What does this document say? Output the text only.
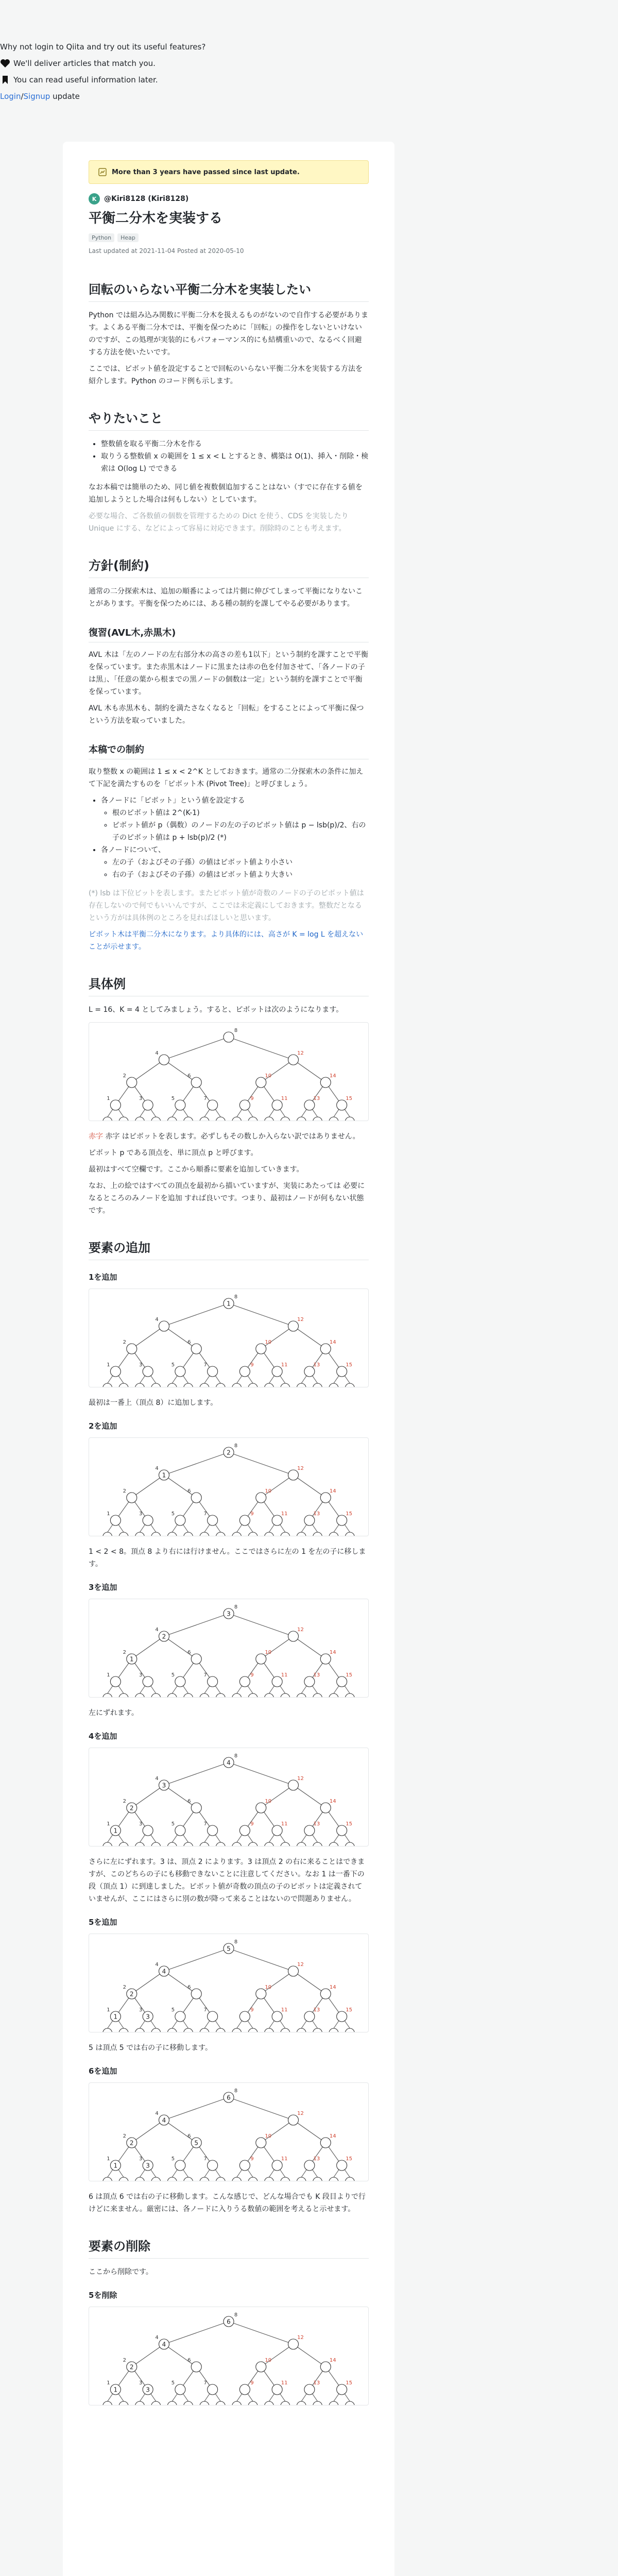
Why not login to Qiita and try out its useful features?

We'll deliver articles that match you.
You can read useful information later.
Login/Signup update
More than 3 years have passed since last update.
K	@Kiri8128 (Kiri8128)
平衡二分木を実装する
Python	Heap
Last updated at 2021-11-04 Posted at 2020-05-10
回転のいらない平衡二分木を実装したい

Python では組み込み関数に平衡二分木を扱えるものがないので自作する必要があります。よくある平衡二分木では、平衡を保つために「回転」の操作をしないといけないのですが、この処理が実装的にもパフォーマンス的にも結構重いので、なるべく回避する方法を使いたいです。

ここでは、ピボット値を設定することで回転のいらない平衡二分木を実装する方法を紹介します。Python のコード例も示します。

やりたいこと
• 整数値を取る平衡二分木を作る
• 取りうる整数値 x の範囲を 1 ≤ x < L とするとき、構築は O(1)、挿入・削除・検索は O(log L) でできる

なお本稿では簡単のため、同じ値を複数個追加することはない（すでに存在する値を追加しようとした場合は何もしない）としています。

必要な場合、ご各数値の個数を管理するための Dict を使う、CDS を実装したり Unique にする、などによって容易に対応できます。削除時のことも考えます。

方針(制約)

通常の二分探索木は、追加の順番によっては片側に伸びてしまって平衡になりないことがあります。平衡を保つためには、ある種の制約を課してやる必要があります。

復習(AVL木,赤黒木)

AVL 木は「左のノードの左右部分木の高さの差も1以下」という制約を課すことで平衡を保っています。また赤黒木はノードに黒または赤の色を付加させて、「各ノードの子は黒」、「任意の葉から根までの黒ノードの個数は一定」という制約を課すことで平衡を保っています。

AVL 木も赤黒木も、制約を満たさなくなると「回転」をすることによって平衡に保つという方法を取っていました。

本稿での制約

取り整数 x の範囲は 1 ≤ x < 2^K としておきます。通常の二分探索木の条件に加えて下記を満たすものを「ピボット木 (Pivot Tree)」と呼びましょう。

• 各ノードに「ピボット」という値を設定する
◦ 根のピボット値は 2^(K-1)
◦ ピボット値が p（偶数）のノードの左の子のピボット値は p − lsb(p)/2、右の子のピボット値は p + lsb(p)/2 (*)
• 各ノードについて、
◦ 左の子（およびその子孫）の値はピボット値より小さい
◦ 右の子（およびその子孫）の値はピボット値より大きい

(*) lsb は下位ビットを表します。またピボット値が奇数のノードの子のピボット値は存在しないので何でもいいんですが、ここでは未定義にしておきます。整数だとなるという方がは具体例のところを見ればほしいと思います。

ピボット木は平衡二分木になります。より具体的には、高さが K = log L を超えないことが示せます。

具体例

L = 16、K = 4 としてみましょう。すると、ピボットは次のようになります。

1
2
3
4
5
6
7
8
9
10
11
12
13
14
15

赤字 赤字 はピボットを表します。必ずしもその数しか入らない訳ではありません。

ピボット p である頂点を、単に頂点 p と呼びます。

最初はすべて空欄です。ここから順番に要素を追加していきます。

なお、上の絵ではすべての頂点を最初から描いていますが、実装にあたっては 必要になるところのみノードを追加 すれば良いです。つまり、最初はノードが何もない状態です。

要素の追加
1を追加
1
2
3
4
5
6
7
8
1
9
10
11
12
13
14
15

最初は一番上（頂点 8）に追加します。

2を追加
1
2
3
4
1
5
6
7
8
2
9
10
11
12
13
14
15

1 < 2 < 8。頂点 8 より右には行けません。ここではさらに左の 1 を左の子に移します。

3を追加
1
2
1
3
4
2
5
6
7
8
3
9
10
11
12
13
14
15

左にずれます。

4を追加
1
1
2
2
3
4
3
5
6
7
8
4
9
10
11
12
13
14
15

さらに左にずれます。3 は、頂点 2 によります。3 は頂点 2 の右に来ることはできますが、このどちらの子にも移動できないことに注意してください。なお 1 は一番下の段（頂点 1）に到達しました。ピボット値が奇数の頂点の子のピボットは定義されていませんが、ここにはさらに別の数が降って来ることはないので問題ありません。

5を追加
1
1
2
2
3
3
4
4
5
6
7
8
5
9
10
11
12
13
14
15

5 は頂点 5 では右の子に移動します。

6を追加
1
1
2
2
3
3
4
4
5
6
5
7
8
6
9
10
11
12
13
14
15

6 は頂点 6 では右の子に移動します。こんな感じで、どんな場合でも K 段目よりで行けどに来ません。厳密には、各ノードに入りうる数値の範囲を考えると示せます。

要素の削除

ここから削除です。

5を削除
1
1
2
2
3
3
4
4
5
6
7
8
6
9
10
11
12
13
14
15
